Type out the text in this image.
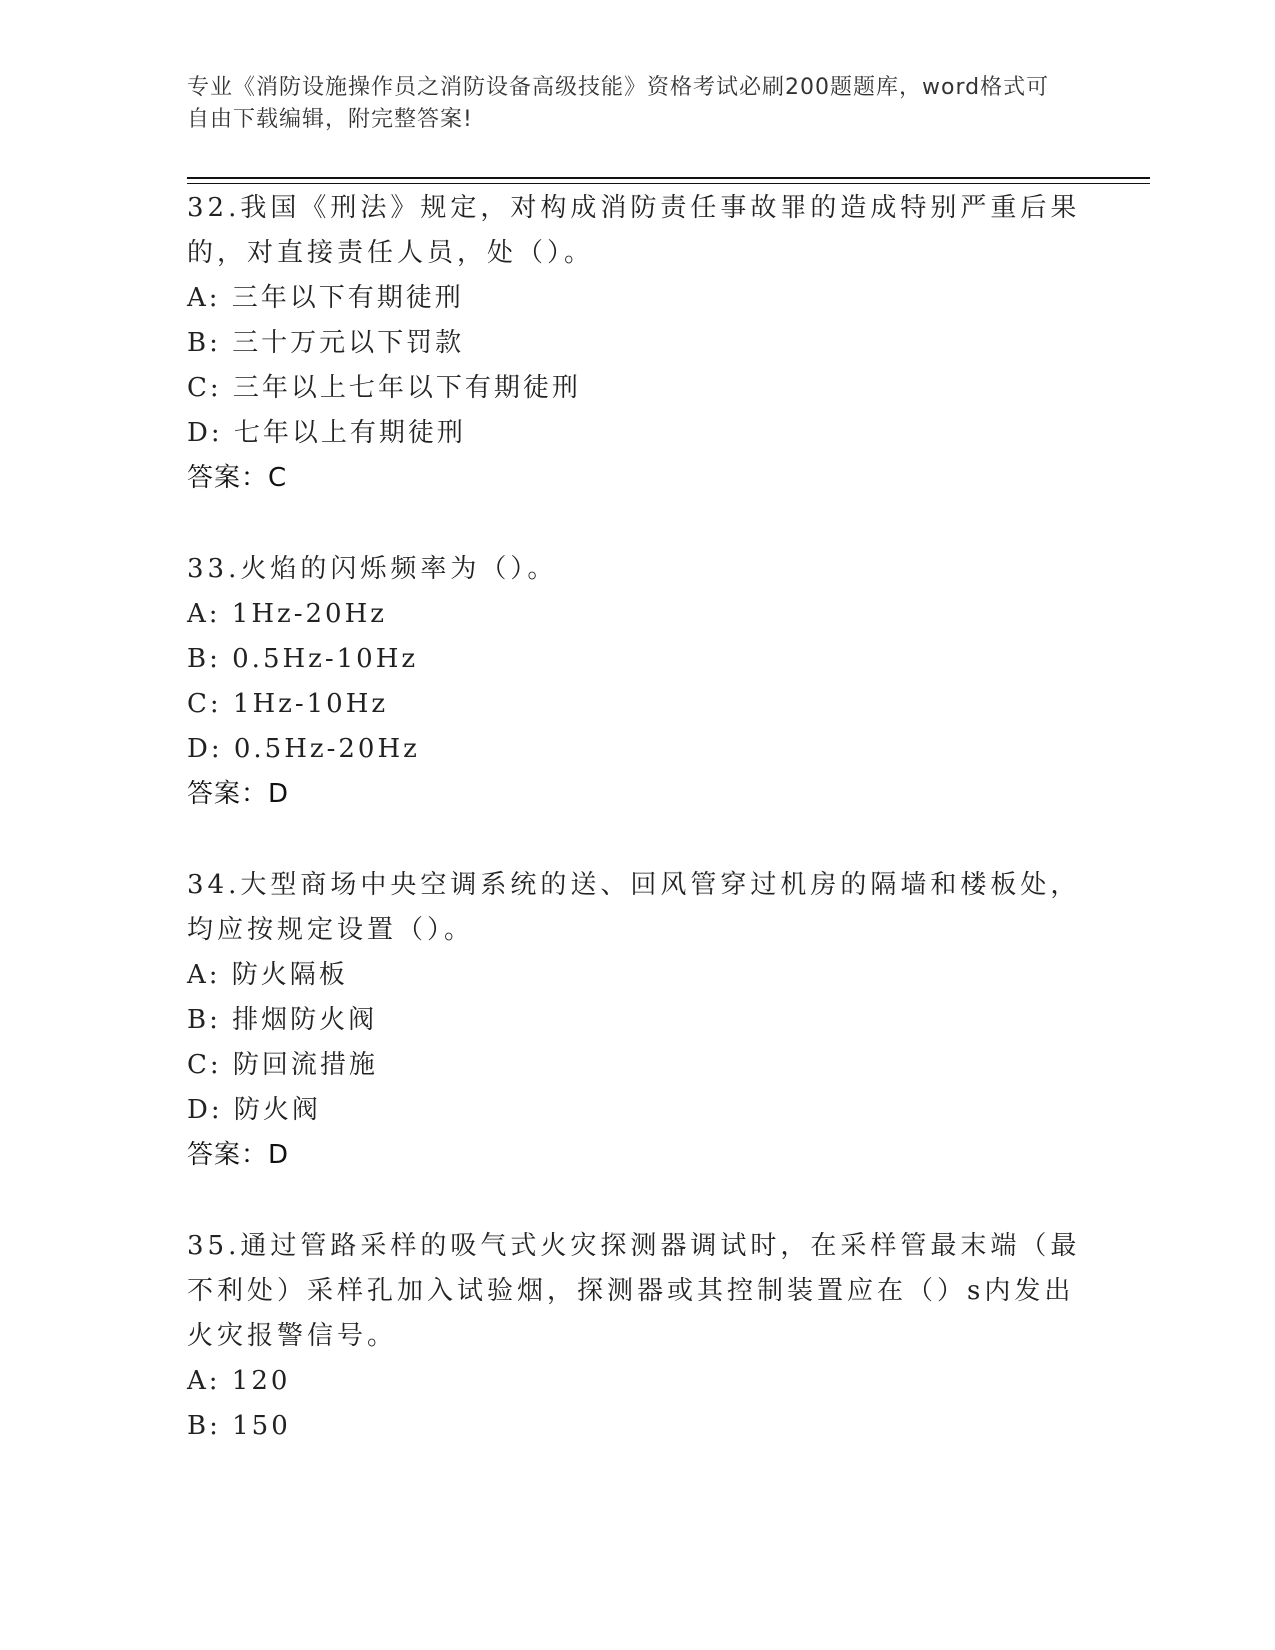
专业《消防设施操作员之消防设备高级技能》资格考试必刷200题题库，word格式可自由下载编辑，附完整答案!
32.我国《刑法》规定，对构成消防责任事故罪的造成特别严重后果的，对直接责任人员，处（）。
A: 三年以下有期徒刑
B: 三十万元以下罚款
C: 三年以上七年以下有期徒刑
D: 七年以上有期徒刑
答案：C
33.火焰的闪烁频率为（）。
A: 1Hz-20Hz
B: 0.5Hz-10Hz
C: 1Hz-10Hz
D: 0.5Hz-20Hz
答案：D
34.大型商场中央空调系统的送、回风管穿过机房的隔墙和楼板处，均应按规定设置（）。
A: 防火隔板
B: 排烟防火阀
C: 防回流措施
D: 防火阀
答案：D
35.通过管路采样的吸气式火灾探测器调试时，在采样管最末端（最不利处）采样孔加入试验烟，探测器或其控制装置应在（）s内发出火灾报警信号。
A: 120
B: 150
